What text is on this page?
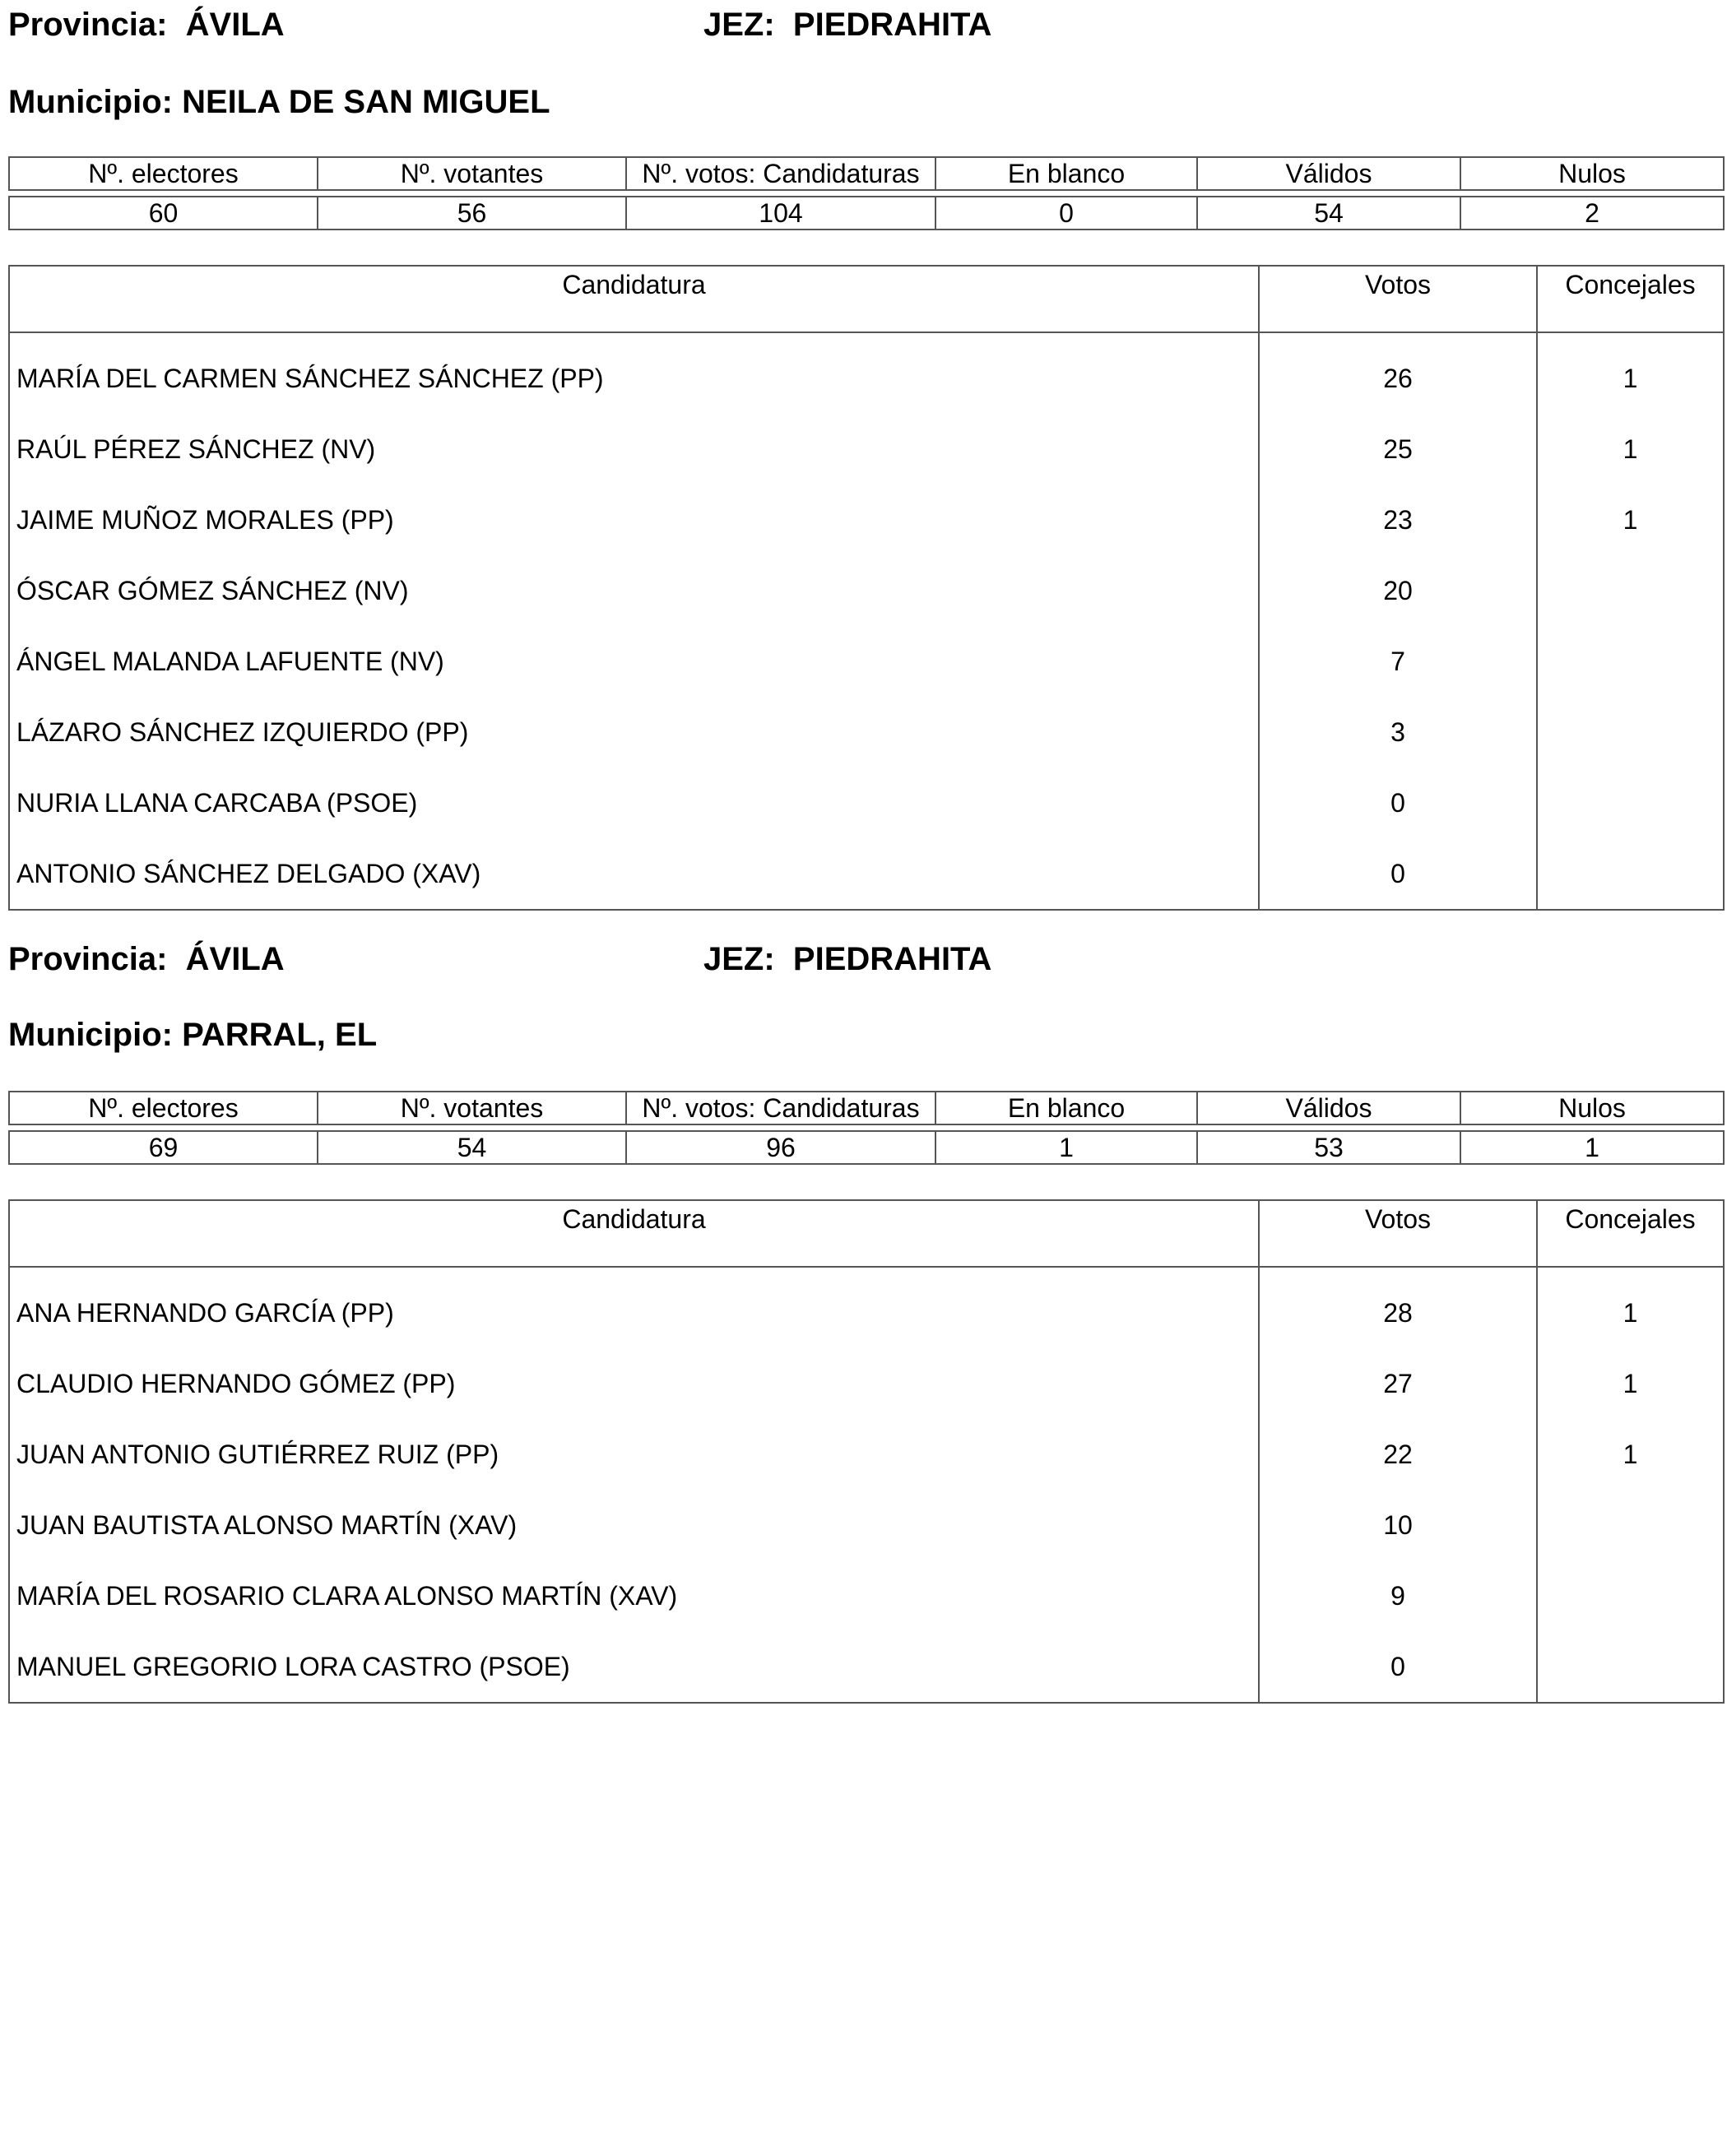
Provincia: ÁVILA	JEZ: PIEDRAHITA
Municipio: NEILA DE SAN MIGUEL
Nº. electores	Nº. votantes	Nº. votos: Candidaturas	En blanco	Válidos	Nulos

60	56	104	0	54	2
Candidatura	Votos	Concejales
MARÍA DEL CARMEN SÁNCHEZ SÁNCHEZ (PP)	26	1
RAÚL PÉREZ SÁNCHEZ (NV)	25	1
JAIME MUÑOZ MORALES (PP)	23	1
ÓSCAR GÓMEZ SÁNCHEZ (NV)	20	
ÁNGEL MALANDA LAFUENTE (NV)	7	
LÁZARO SÁNCHEZ IZQUIERDO (PP)	3	
NURIA LLANA CARCABA (PSOE)	0	
ANTONIO SÁNCHEZ DELGADO (XAV)	0	
Provincia: ÁVILA	JEZ: PIEDRAHITA
Municipio: PARRAL, EL
Nº. electores	Nº. votantes	Nº. votos: Candidaturas	En blanco	Válidos	Nulos

69	54	96	1	53	1
Candidatura	Votos	Concejales
ANA HERNANDO GARCÍA (PP)	28	1
CLAUDIO HERNANDO GÓMEZ (PP)	27	1
JUAN ANTONIO GUTIÉRREZ RUIZ (PP)	22	1
JUAN BAUTISTA ALONSO MARTÍN (XAV)	10	
MARÍA DEL ROSARIO CLARA ALONSO MARTÍN (XAV)	9	
MANUEL GREGORIO LORA CASTRO (PSOE)	0	
